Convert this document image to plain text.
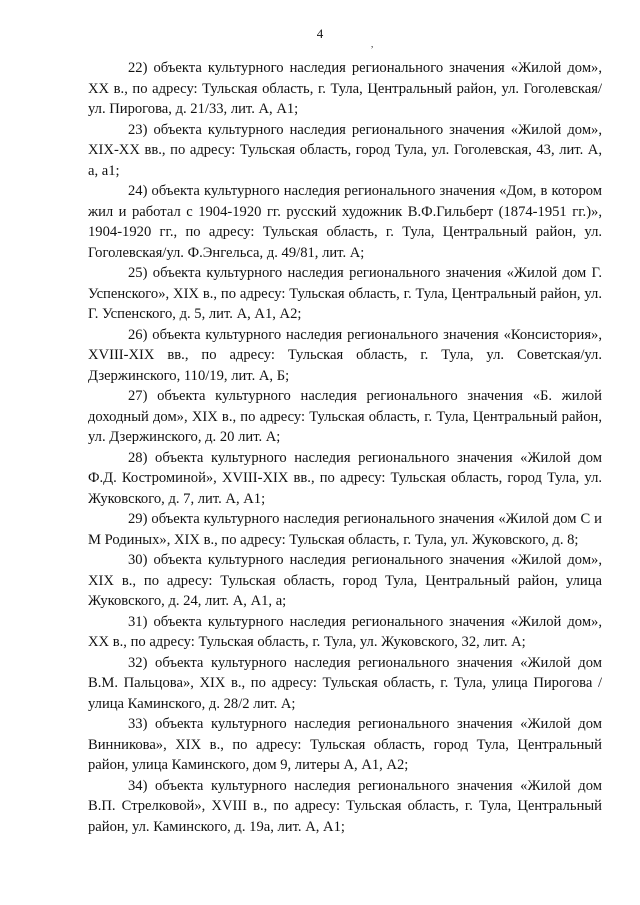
4
,

22) объекта культурного наследия регионального значения «Жилой дом», XX в., по адресу: Тульская область, г. Тула, Центральный район, ул. Гоголевская/ул. Пирогова, д. 21/33, лит. А, А1;

23) объекта культурного наследия регионального значения «Жилой дом», XIX-XX вв., по адресу: Тульская область, город Тула, ул. Гоголевская, 43, лит. А, а, а1;

24) объекта культурного наследия регионального значения «Дом, в котором жил и работал с 1904-1920 гг. русский художник В.Ф.Гильберт (1874-1951 гг.)», 1904-1920 гг., по адресу: Тульская область, г. Тула, Центральный район, ул. Гоголевская/ул. Ф.Энгельса, д. 49/81, лит. А;

25) объекта культурного наследия регионального значения «Жилой дом Г. Успенского», XIX в., по адресу: Тульская область, г. Тула, Центральный район, ул. Г. Успенского, д. 5, лит. А, А1, А2;

26) объекта культурного наследия регионального значения «Консистория», XVIII-XIX вв., по адресу: Тульская область, г. Тула, ул. Советская/ул. Дзержинского, 110/19, лит. А, Б;

27) объекта культурного наследия регионального значения «Б. жилой доходный дом», XIX в., по адресу: Тульская область, г. Тула, Центральный район, ул. Дзержинского, д. 20 лит. А;

28) объекта культурного наследия регионального значения «Жилой дом Ф.Д. Костроминой», XVIII-XIX вв., по адресу: Тульская область, город Тула, ул. Жуковского, д. 7, лит. А, А1;

29) объекта культурного наследия регионального значения «Жилой дом С и М Родиных», XIX в., по адресу: Тульская область, г. Тула, ул. Жуковского, д. 8;

30) объекта культурного наследия регионального значения «Жилой дом», XIX в., по адресу: Тульская область, город Тула, Центральный район, улица Жуковского, д. 24, лит. А, А1, а;

31) объекта культурного наследия регионального значения «Жилой дом», XX в., по адресу: Тульская область, г. Тула, ул. Жуковского, 32, лит. А;

32) объекта культурного наследия регионального значения «Жилой дом В.М. Пальцова», XIX в., по адресу: Тульская область, г. Тула, улица Пирогова /улица Каминского, д. 28/2 лит. А;

33) объекта культурного наследия регионального значения «Жилой дом Винникова», XIX в., по адресу: Тульская область, город Тула, Центральный район, улица Каминского, дом 9, литеры А, А1, А2;

34) объекта культурного наследия регионального значения «Жилой дом В.П. Стрелковой», XVIII в., по адресу: Тульская область, г. Тула, Центральный район, ул. Каминского, д. 19а, лит. А, А1;
